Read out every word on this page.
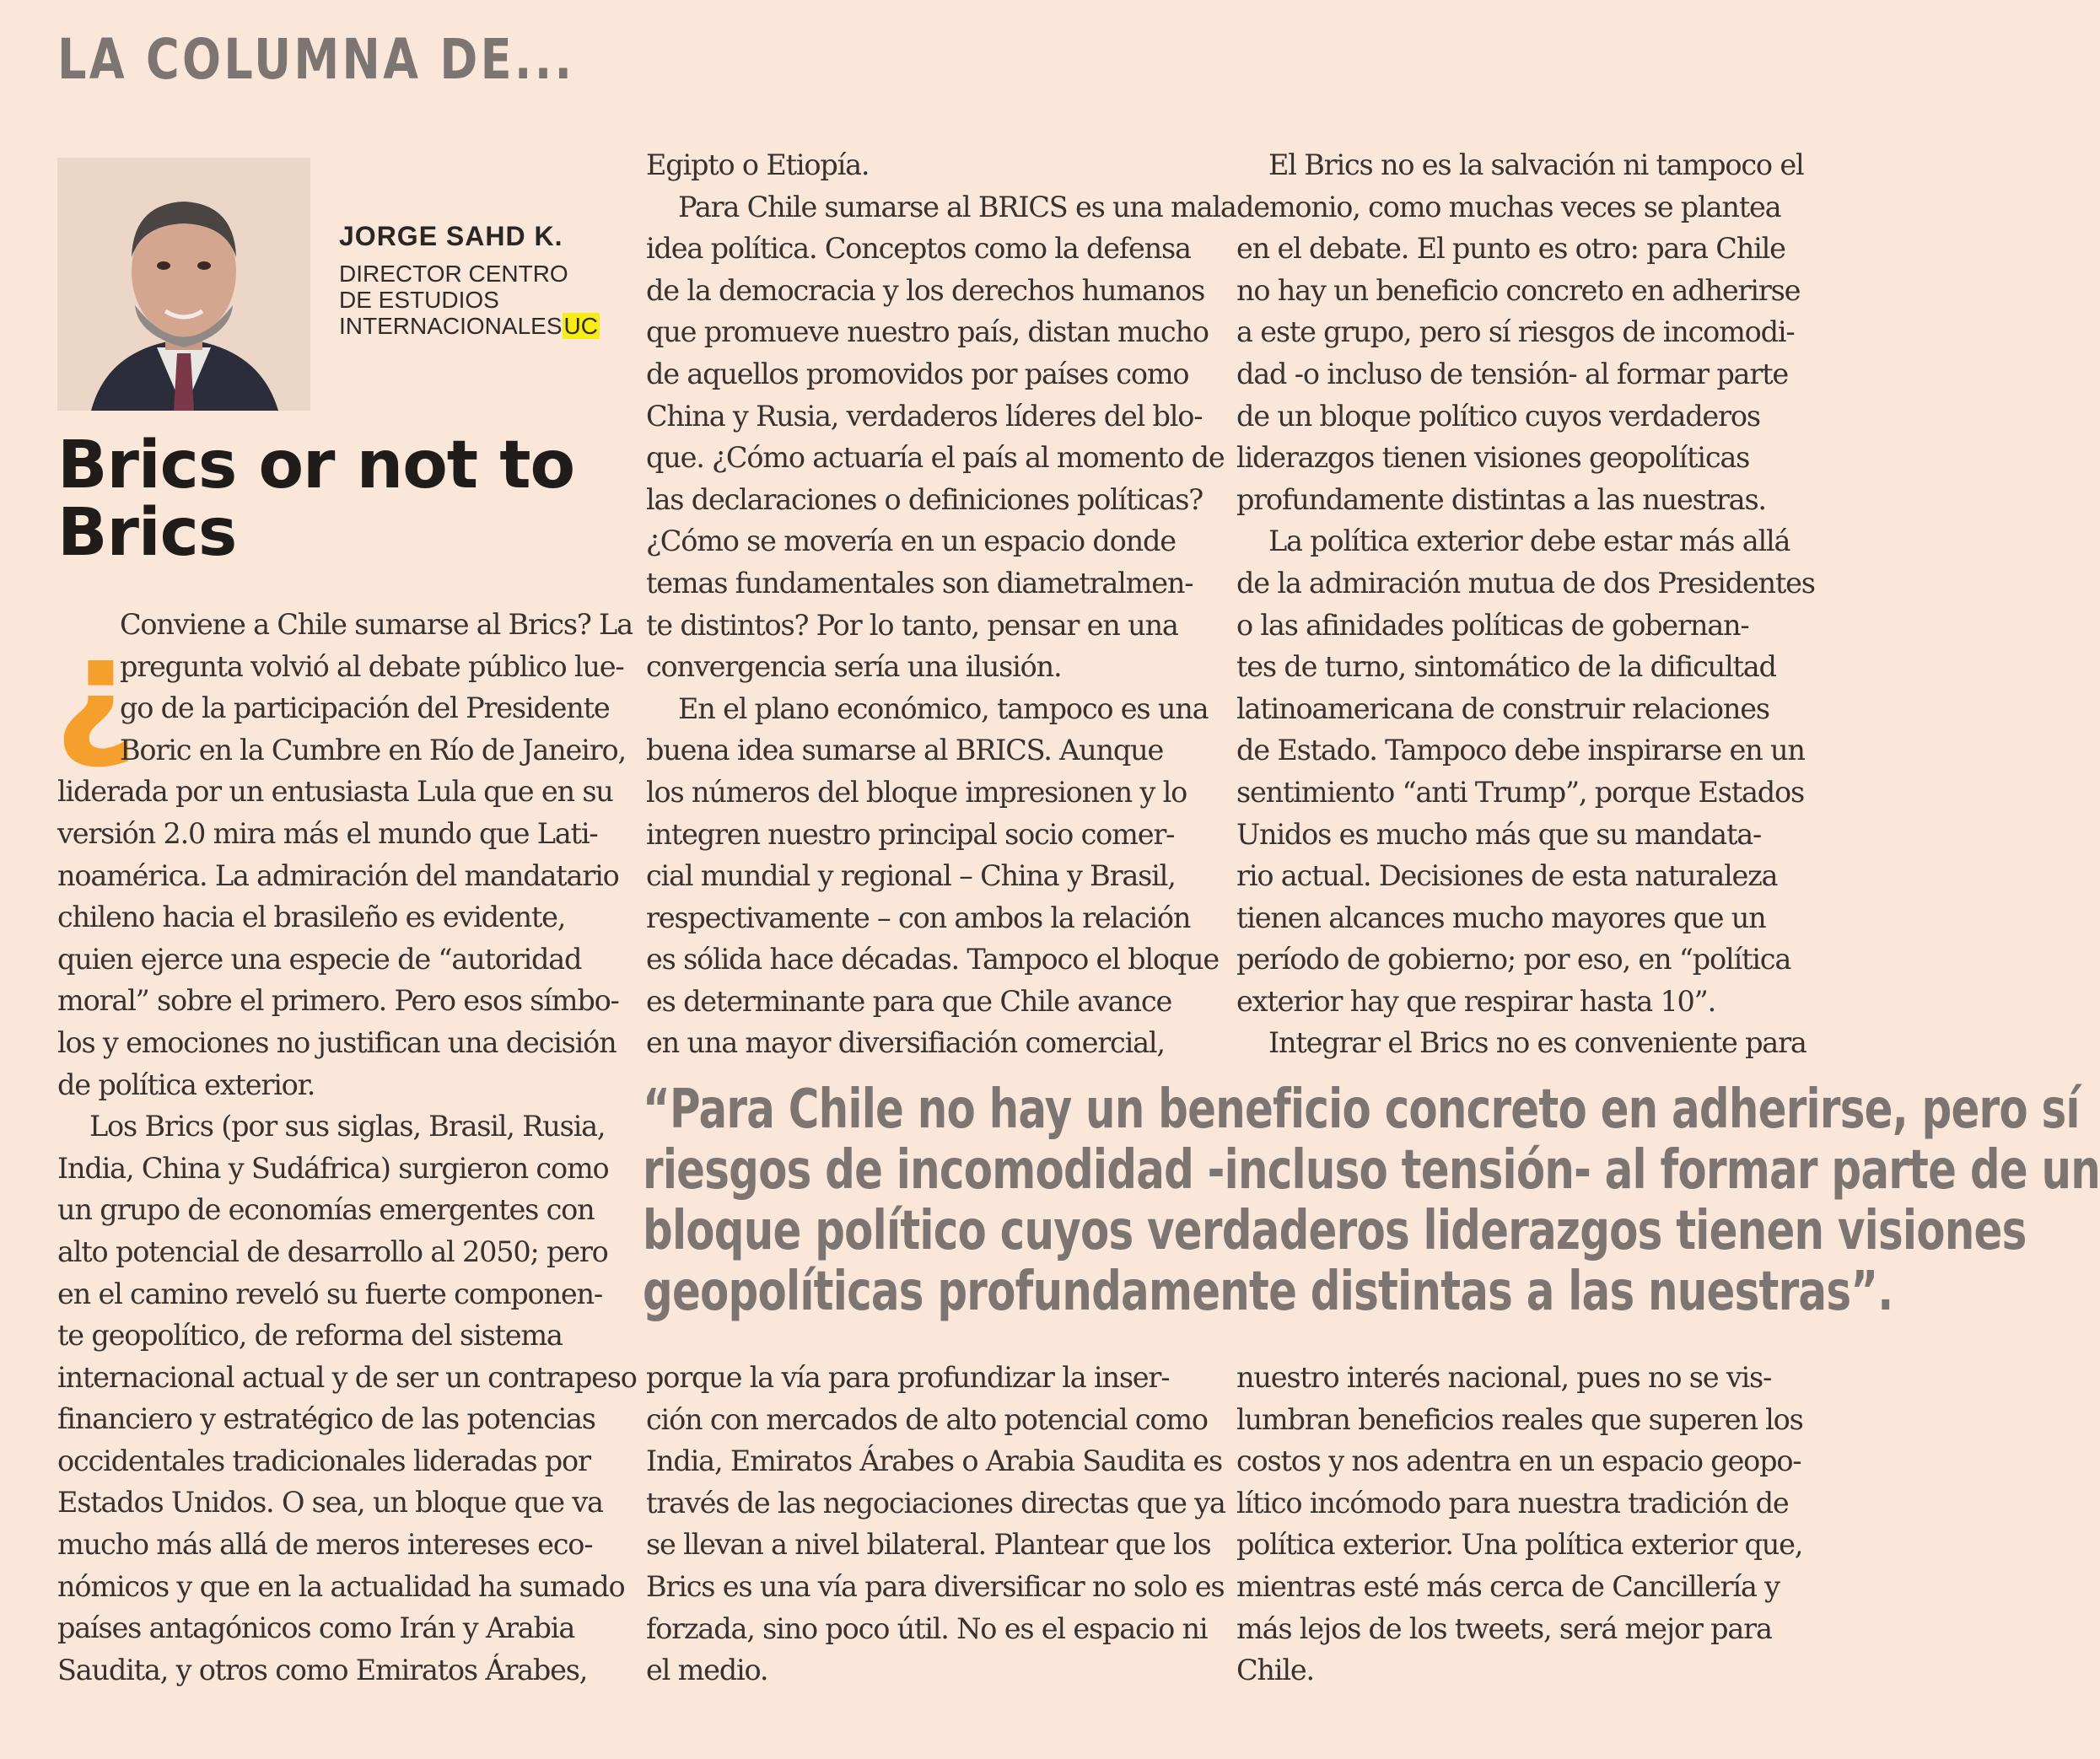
LA COLUMNA DE...
JORGE SAHD K.
DIRECTOR CENTRO
DE ESTUDIOS
INTERNACIONALESUC
Brics or not to
Brics
¿
Conviene a Chile sumarse al Brics? La
pregunta volvió al debate público lue-
go de la participación del Presidente
Boric en la Cumbre en Río de Janeiro,
liderada por un entusiasta Lula que en su
versión 2.0 mira más el mundo que Lati-
noamérica. La admiración del mandatario
chileno hacia el brasileño es evidente,
quien ejerce una especie de “autoridad
moral” sobre el primero. Pero esos símbo-
los y emociones no justifican una decisión
de política exterior.
Los Brics (por sus siglas, Brasil, Rusia,
India, China y Sudáfrica) surgieron como
un grupo de economías emergentes con
alto potencial de desarrollo al 2050; pero
en el camino reveló su fuerte componen-
te geopolítico, de reforma del sistema
internacional actual y de ser un contrapeso
financiero y estratégico de las potencias
occidentales tradicionales lideradas por
Estados Unidos. O sea, un bloque que va
mucho más allá de meros intereses eco-
nómicos y que en la actualidad ha sumado
países antagónicos como Irán y Arabia
Saudita, y otros como Emiratos Árabes,
Egipto o Etiopía.
Para Chile sumarse al BRICS es una mala
idea política. Conceptos como la defensa
de la democracia y los derechos humanos
que promueve nuestro país, distan mucho
de aquellos promovidos por países como
China y Rusia, verdaderos líderes del blo-
que. ¿Cómo actuaría el país al momento de
las declaraciones o definiciones políticas?
¿Cómo se movería en un espacio donde
temas fundamentales son diametralmen-
te distintos? Por lo tanto, pensar en una
convergencia sería una ilusión.
En el plano económico, tampoco es una
buena idea sumarse al BRICS. Aunque
los números del bloque impresionen y lo
integren nuestro principal socio comer-
cial mundial y regional – China y Brasil,
respectivamente – con ambos la relación
es sólida hace décadas. Tampoco el bloque
es determinante para que Chile avance
en una mayor diversifiación comercial,
El Brics no es la salvación ni tampoco el
demonio, como muchas veces se plantea
en el debate. El punto es otro: para Chile
no hay un beneficio concreto en adherirse
a este grupo, pero sí riesgos de incomodi-
dad -o incluso de tensión- al formar parte
de un bloque político cuyos verdaderos
liderazgos tienen visiones geopolíticas
profundamente distintas a las nuestras.
La política exterior debe estar más allá
de la admiración mutua de dos Presidentes
o las afinidades políticas de gobernan-
tes de turno, sintomático de la dificultad
latinoamericana de construir relaciones
de Estado. Tampoco debe inspirarse en un
sentimiento “anti Trump”, porque Estados
Unidos es mucho más que su mandata-
rio actual. Decisiones de esta naturaleza
tienen alcances mucho mayores que un
período de gobierno; por eso, en “política
exterior hay que respirar hasta 10”.
Integrar el Brics no es conveniente para
“Para Chile no hay un beneficio concreto en adherirse, pero sí
riesgos de incomodidad -incluso tensión- al formar parte de un
bloque político cuyos verdaderos liderazgos tienen visiones
geopolíticas profundamente distintas a las nuestras”.
porque la vía para profundizar la inser-
ción con mercados de alto potencial como
India, Emiratos Árabes o Arabia Saudita es
través de las negociaciones directas que ya
se llevan a nivel bilateral. Plantear que los
Brics es una vía para diversificar no solo es
forzada, sino poco útil. No es el espacio ni
el medio.
nuestro interés nacional, pues no se vis-
lumbran beneficios reales que superen los
costos y nos adentra en un espacio geopo-
lítico incómodo para nuestra tradición de
política exterior. Una política exterior que,
mientras esté más cerca de Cancillería y
más lejos de los tweets, será mejor para
Chile.
